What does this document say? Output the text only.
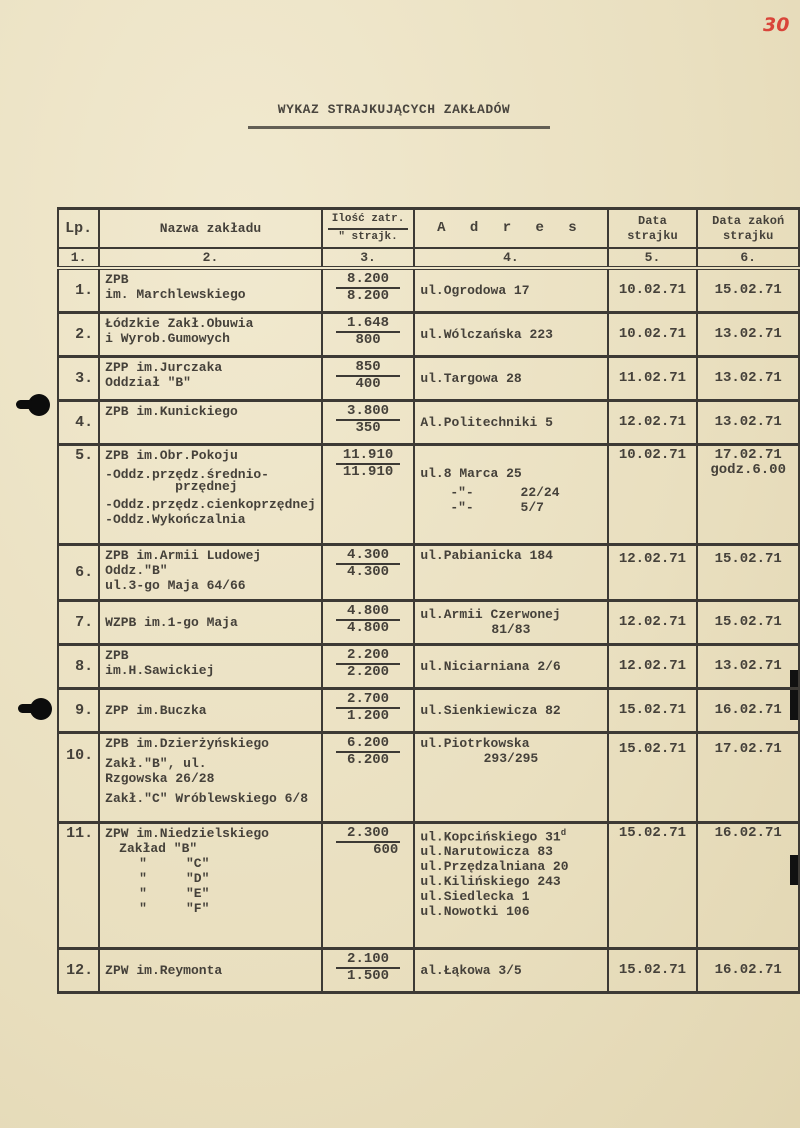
30
WYKAZ STRAJKUJĄCYCH ZAKŁADÓW
Lp.	Nazwa zakładu	Ilość zatr.
" strajk.	A d r e s	Data strajku	Data zakoń strajku
1.	2.	3.	4.	5.	6.
1.	ZPB
im. Marchlewskiego	8.200
8.200	ul.Ogrodowa 17	10.02.71	15.02.71
2.	Łódzkie Zakł.Obuwia
i Wyrob.Gumowych	1.648
800	ul.Wólczańska 223	10.02.71	13.02.71
3.	ZPP im.Jurczaka
Oddział "B"	850
400	ul.Targowa 28	11.02.71	13.02.71
4.	ZPB im.Kunickiego	3.800
350	Al.Politechniki 5	12.02.71	13.02.71
5.	ZPB im.Obr.Pokoju
-Oddz.przędz.średnio-
przędnej
-Oddz.przędz.cienkoprzędnej
-Oddz.Wykończalnia	11.910
11.910	ul.8 Marca 25
-"-      22/24
-"-      5/7	10.02.71	17.02.71
godz.6.00

6.	ZPB im.Armii Ludowej
Oddz."B"
ul.3-go Maja 64/66	4.300
4.300	ul.Pabianicka 184	12.02.71	15.02.71
7.	WZPB im.1-go Maja	4.800
4.800	ul.Armii Czerwonej
81/83	12.02.71	15.02.71
8.	ZPB
im.H.Sawickiej	2.200
2.200	ul.Niciarniana 2/6	12.02.71	13.02.71
9.	ZPP im.Buczka	2.700
1.200	ul.Sienkiewicza 82	15.02.71	16.02.71
10.	ZPB im.Dzierżyńskiego
Zakł."B", ul.
Rzgowska 26/28
Zakł."C" Wróblewskiego 6/8	6.200
6.200	ul.Piotrkowska
293/295	15.02.71	17.02.71
11.	ZPW im.Niedzielskiego
Zakład "B"
"     "C"
"     "D"
"     "E"
"     "F"

2.300
600

ul.Kopcińskiego 31$^d$
ul.Narutowicza 83
ul.Przędzalniana 20
ul.Kilińskiego 243
ul.Siedlecka 1
ul.Nowotki 106
	15.02.71	16.02.71
12.	ZPW im.Reymonta	2.100
1.500	al.Łąkowa 3/5	15.02.71	16.02.71
